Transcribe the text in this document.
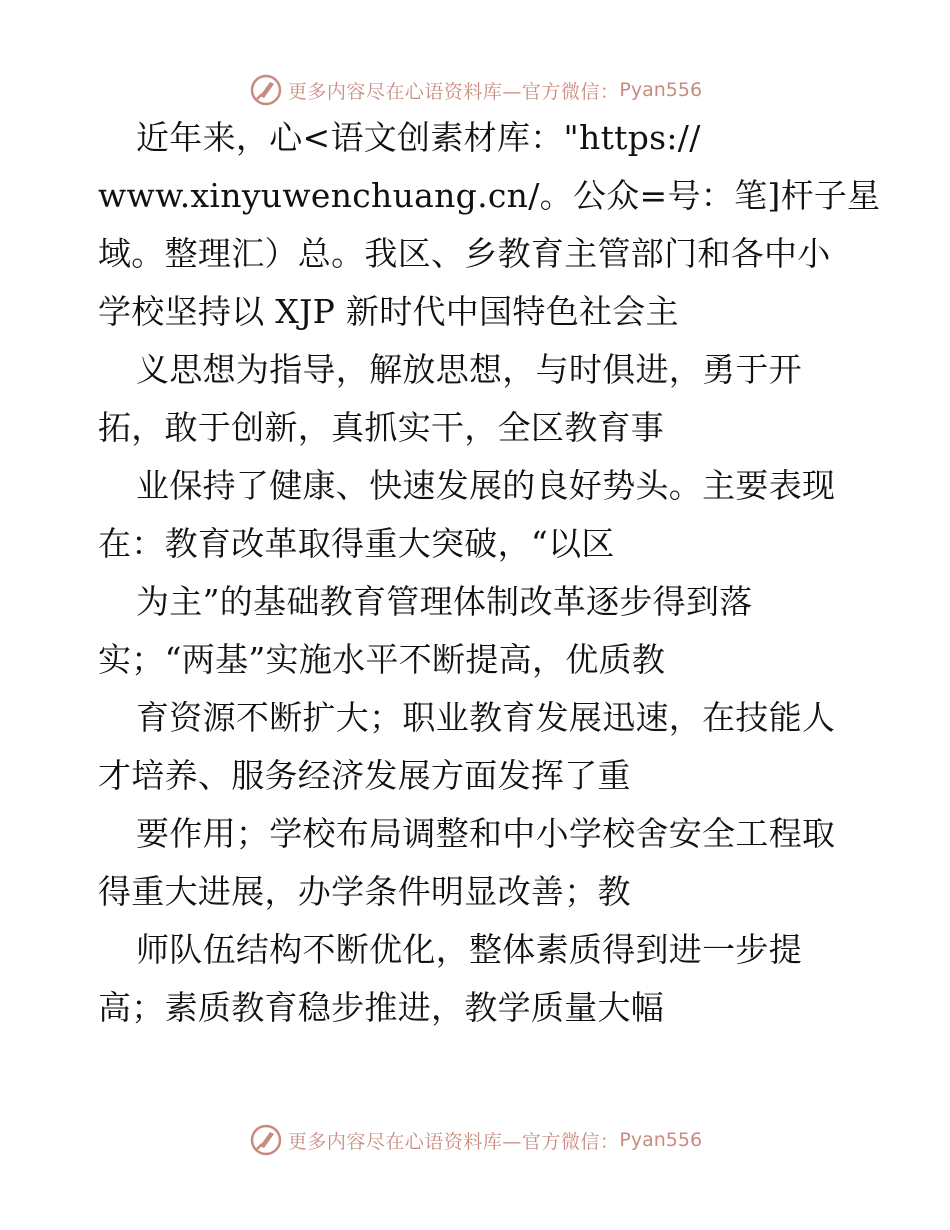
更多内容尽在心语资料库—官方微信： Pyan556
近年来，心<语文创素材库："https://
www.xinyuwenchuang.cn/。公众=号：笔]杆子星
域。整理汇）总。我区、乡教育主管部门和各中小
学校坚持以 XJP 新时代中国特色社会主
义思想为指导，解放思想，与时俱进，勇于开
拓，敢于创新，真抓实干，全区教育事
业保持了健康、快速发展的良好势头。主要表现
在：教育改革取得重大突破，“以区
为主”的基础教育管理体制改革逐步得到落
实；“两基”实施水平不断提高，优质教
育资源不断扩大；职业教育发展迅速，在技能人
才培养、服务经济发展方面发挥了重
要作用；学校布局调整和中小学校舍安全工程取
得重大进展，办学条件明显改善；教
师队伍结构不断优化，整体素质得到进一步提
高；素质教育稳步推进，教学质量大幅
更多内容尽在心语资料库—官方微信： Pyan556
